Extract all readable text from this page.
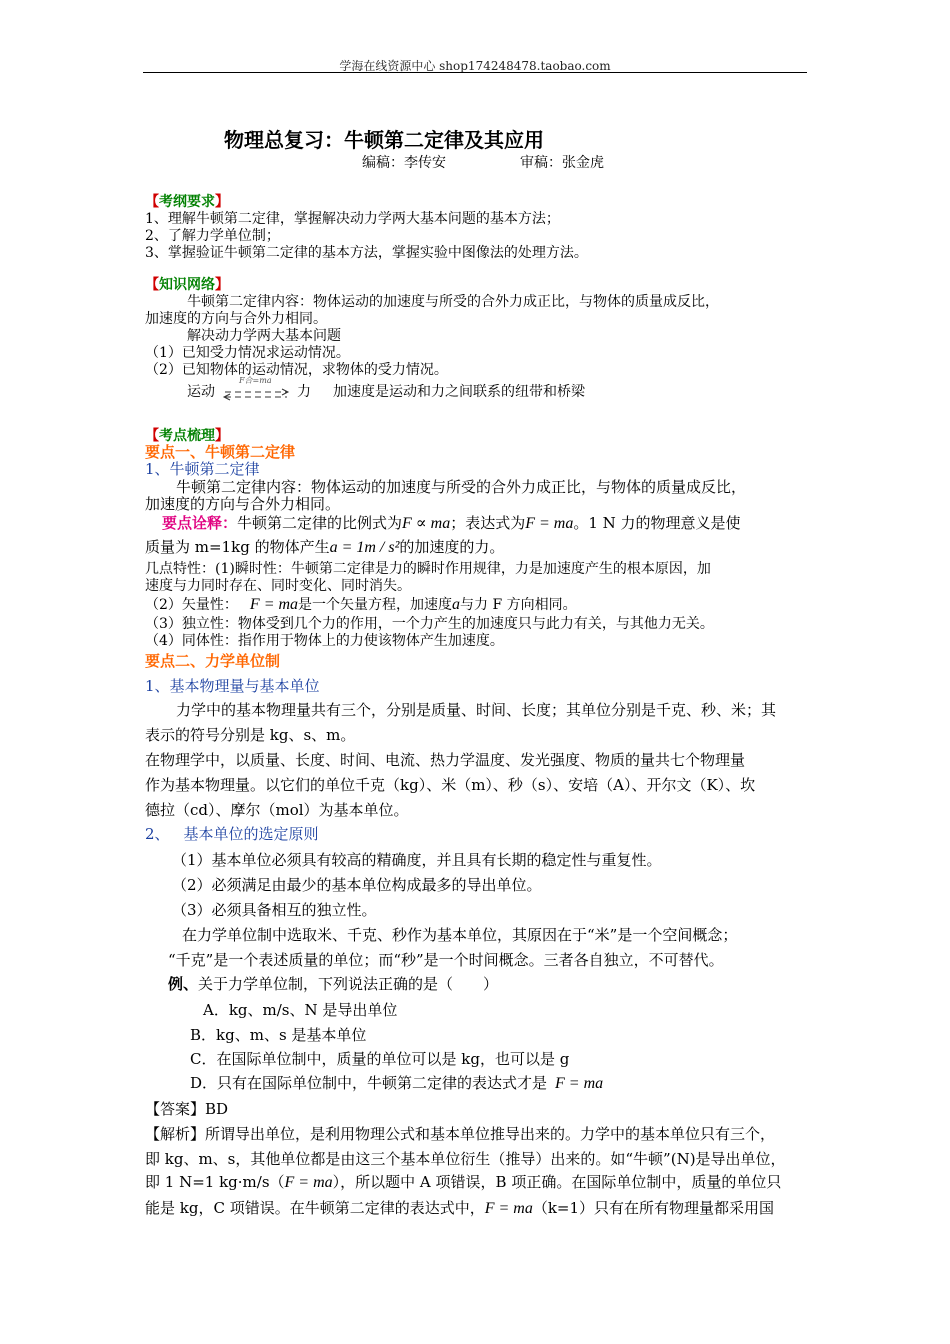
学海在线资源中心 shop174248478.taobao.com
物理总复习：牛顿第二定律及其应用
编稿：李传安	审稿：张金虎
【考纲要求】
1、理解牛顿第二定律，掌握解决动力学两大基本问题的基本方法；
2、了解力学单位制；
3、掌握验证牛顿第二定律的基本方法，掌握实验中图像法的处理方法。
【知识网络】
牛顿第二定律内容：物体运动的加速度与所受的合外力成正比，与物体的质量成反比，
加速度的方向与合外力相同。
解决动力学两大基本问题
（1）已知受力情况求运动情况。
（2）已知物体的运动情况，求物体的受力情况。
运动
F合=ma
力 加速度是运动和力之间联系的纽带和桥梁
【考点梳理】
要点一、牛顿第二定律
1、牛顿第二定律
牛顿第二定律内容：物体运动的加速度与所受的合外力成正比，与物体的质量成反比，
加速度的方向与合外力相同。
要点诠释：牛顿第二定律的比例式为F ∝ ma；表达式为F = ma。1 N 力的物理意义是使
质量为 m=1kg 的物体产生a = 1m / s²的加速度的力。
几点特性：(1)瞬时性：牛顿第二定律是力的瞬时作用规律，力是加速度产生的根本原因，加
速度与力同时存在、同时变化、同时消失。
（2）矢量性： F = ma是一个矢量方程，加速度a与力 F 方向相同。
（3）独立性：物体受到几个力的作用，一个力产生的加速度只与此力有关，与其他力无关。
（4）同体性：指作用于物体上的力使该物体产生加速度。
要点二、力学单位制
1、基本物理量与基本单位
力学中的基本物理量共有三个，分别是质量、时间、长度；其单位分别是千克、秒、米；其
表示的符号分别是 kg、s、m。
在物理学中，以质量、长度、时间、电流、热力学温度、发光强度、物质的量共七个物理量
作为基本物理量。以它们的单位千克（kg）、米（m）、秒（s）、安培（A）、开尔文（K）、坎
德拉（cd）、摩尔（mol）为基本单位。
2、 基本单位的选定原则
（1）基本单位必须具有较高的精确度，并且具有长期的稳定性与重复性。
（2）必须满足由最少的基本单位构成最多的导出单位。
（3）必须具备相互的独立性。
在力学单位制中选取米、千克、秒作为基本单位，其原因在于“米”是一个空间概念；
“千克”是一个表述质量的单位；而“秒”是一个时间概念。三者各自独立，不可替代。
例、关于力学单位制，下列说法正确的是（　　）
A．kg、m/s、N 是导出单位
B．kg、m、s 是基本单位
C．在国际单位制中，质量的单位可以是 kg，也可以是 g
D．只有在国际单位制中，牛顿第二定律的表达式才是 F = ma
【答案】BD
【解析】所谓导出单位，是利用物理公式和基本单位推导出来的。力学中的基本单位只有三个，
即 kg、m、s，其他单位都是由这三个基本单位衍生（推导）出来的。如“牛顿”(N)是导出单位，
即 1 N=1 kg·m/s（F = ma），所以题中 A 项错误，B 项正确。在国际单位制中，质量的单位只
能是 kg，C 项错误。在牛顿第二定律的表达式中，F = ma（k=1）只有在所有物理量都采用国
